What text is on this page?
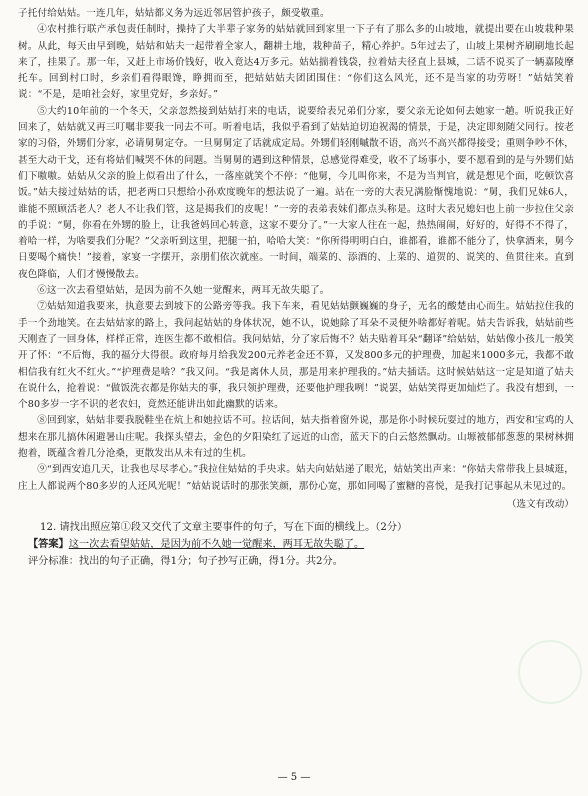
子托付给姑姑。一连几年，姑姑都义务为远近邻居管护孩子，颇受敬重。

④农村推行联产承包责任制时，操持了大半辈子家务的姑姑就回到家里一下子有了那么多的山坡地，就提出要在山坡栽种果树。从此，每天由早到晚，姑姑和姑夫一起带着全家人，翻耕土地，栽种苗子，精心养护。5年过去了，山坡上果树齐刷刷地长起来了，挂果了。那一年，又赶上市场价钱好，收入竟达4万多元。姑姑揣着钱袋，拉着姑夫径直上县城，二话不说买了一辆嘉陵摩托车。回到村口时，乡亲们看得眼馋，睁拥而至，把姑姑姑夫团团围住：“你们这么风光，还不是当家的功劳呀！”姑姑笑着说：“不是，是咱社会好，家里党好，乡亲好。”

⑤大约10年前的一个冬天，父亲忽然接到姑姑打来的电话，说要给表兄弟们分家，要父亲无论如何去她家一趟。听说我正好回来了，姑姑就又再三叮嘱非要我一同去不可。听着电话，我似乎看到了姑姑迫切迫祝渴的情景，于是，决定即刻随父同行。按老家的习俗，外甥们分家，必请舅舅定夺。一旦舅舅定了话就成定局。外甥们轻刚嘁散不语，高兴不高兴都得接受；重则争吵不休，甚至大动干戈，还有将姑们喊哭不休的问题。当舅舅的遇到这种情景，总感觉得难受，收不了场事小，要不愿看到的是与外甥们姑们下嗷嗷。姑姑从父亲的脸上似看出了什么，一落座就笑个不停：“他舅，今儿叫你来，不是为当判官，就是想见个面，吃顿饮喜饭。”姑夫接过姑姑的话，把老两口只想给小孙欢度晚年的想法说了一遍。站在一旁的大表兄满脸惭愧地说：“舅，我们兄妹6人，谁能不照顾活老人？老人不让我们管，这是揭我们的皮呢！”一旁的表弟表妹们都点头称是。这时大表兄媳妇也上前一步拉住父亲的手说：“舅，你看在外甥的脸上，让我爸妈回心转意，这家不要分了。”一大家人往在一起，热热闹闹，好好的，好得不不得了，着哈一样，为啥要我们分呢？”父亲听到这里，把腿一拍，哈哈大笑：“你所得明明白白，谁都看，谁都不能分了，快拿酒来，舅今日要喝个痛快！”接着，家宴一字摆开，亲朋们依次就座。一时间，端菜的、添酒的、上菜的、道贺的、说笑的、鱼贯往来。直到夜色降临，人们才慢慢散去。

⑥这一次去看望姑姑，是因为前不久她一觉醒来，两耳无故失聪了。

⑦姑姑知道我要来，执意要去到坡下的公路旁等我。我下车来，看见姑姑颤巍巍的身子，无名的酸楚由心而生。姑姑拉住我的手一个劲地笑。在去姑姑家的路上，我问起姑姑的身体状况，她不认，说她除了耳朵不灵便外啥都好着呢。姑夫告诉我，姑姑前些天刚查了一回身体，样样正常，连医生都不敢相信。我问姑姑，分了家后悔不？姑夫贴着耳朵“翻译”给姑姑，姑姑像小孩儿一般笑开了怀：“不后悔，我的福分大得很。政府每月给我发200元养老金还不算，又发800多元的护理费，加起来1000多元，我都不敢相信我有红火不红火。”“护理费是啥？”我又问。“我是离休人员，那是用来护理我的。”姑夫插话。这时候姑姑这一定是知道了姑夫在说什么，抢着说：“做饭洗衣都是你姑夫的事，我只领护理费，还要他护理我咧！”说罢，姑姑笑得更加灿烂了。我没有想到，一个80多岁一字不识的老农妇，竟然还能讲出如此幽默的话来。

⑧回到家，姑姑非要我脱鞋坐在炕上和她拉话不可。拉话间，姑夫指着窗外说，那是你小时候玩耍过的地方，西安和宝鸡的人想来在那儿搞休闲避暑山庄呢。我探头望去，金色的夕阳染红了远近的山峦，蓝天下的白云悠然飘动。山塬被郁郁葱葱的果树林拥抱着，既蕴含着几分沧桑，更散发出从未有过的生机。

⑨“到西安追几天，让我也尽尽孝心。”我拉住姑姑的手央求。姑夫向姑姑递了眼光，姑姑笑出声来：“你姑夫常带我上县城逛，庄上人都说两个80多岁的人还风光呢！”姑姑说话时的那张笑颜，那份心宽，那如同喝了蜜糖的喜悦，是我打记事起从未见过的。

（选文有改动）

12. 请找出照应第①段又交代了文章主要事件的句子，写在下面的横线上。（2分）
【答案】这一次去看望姑姑，是因为前不久她一觉醒来，两耳无故失聪了。
评分标准：找出的句子正确，得1分；句子抄写正确，得1分。共2分。
— 5 —
